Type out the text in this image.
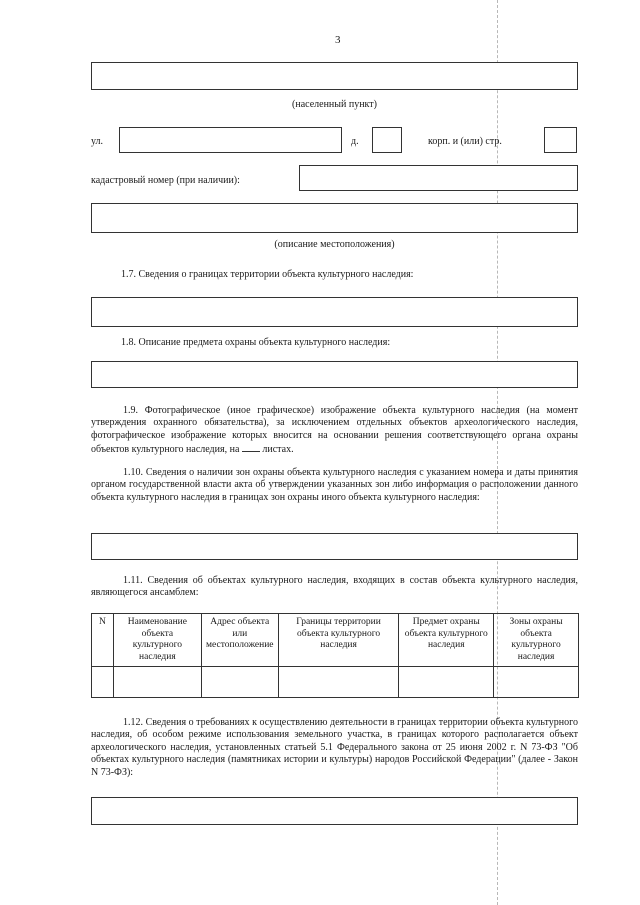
3
(населенный пункт)
ул.	д.	корп. и (или) стр.
кадастровый номер (при наличии):
(описание местоположения)
1.7. Сведения о границах территории объекта культурного наследия:
1.8. Описание предмета охраны объекта культурного наследия:
1.9. Фотографическое (иное графическое) изображение объекта культурного наследия (на момент утверждения охранного обязательства), за исключением отдельных объектов археологического наследия, фотографическое изображение которых вносится на основании решения соответствующего органа охраны объектов культурного наследия, на листах.
1.10. Сведения о наличии зон охраны объекта культурного наследия с указанием номера и даты принятия органом государственной власти акта об утверждении указанных зон либо информация о расположении данного объекта культурного наследия в границах зон охраны иного объекта культурного наследия:
1.11. Сведения об объектах культурного наследия, входящих в состав объекта культурного наследия, являющегося ансамблем:
N	Наименование объекта культурного наследия	Адрес объекта или местоположение	Границы территории объекта культурного наследия	Предмет охраны объекта культурного наследия	Зоны охраны объекта культурного наследия

1.12. Сведения о требованиях к осуществлению деятельности в границах территории объекта культурного наследия, об особом режиме использования земельного участка, в границах которого располагается объект археологического наследия, установленных статьей 5.1 Федерального закона от 25 июня 2002 г. N 73-ФЗ "Об объектах культурного наследия (памятниках истории и культуры) народов Российской Федерации" (далее - Закон N 73-ФЗ):
